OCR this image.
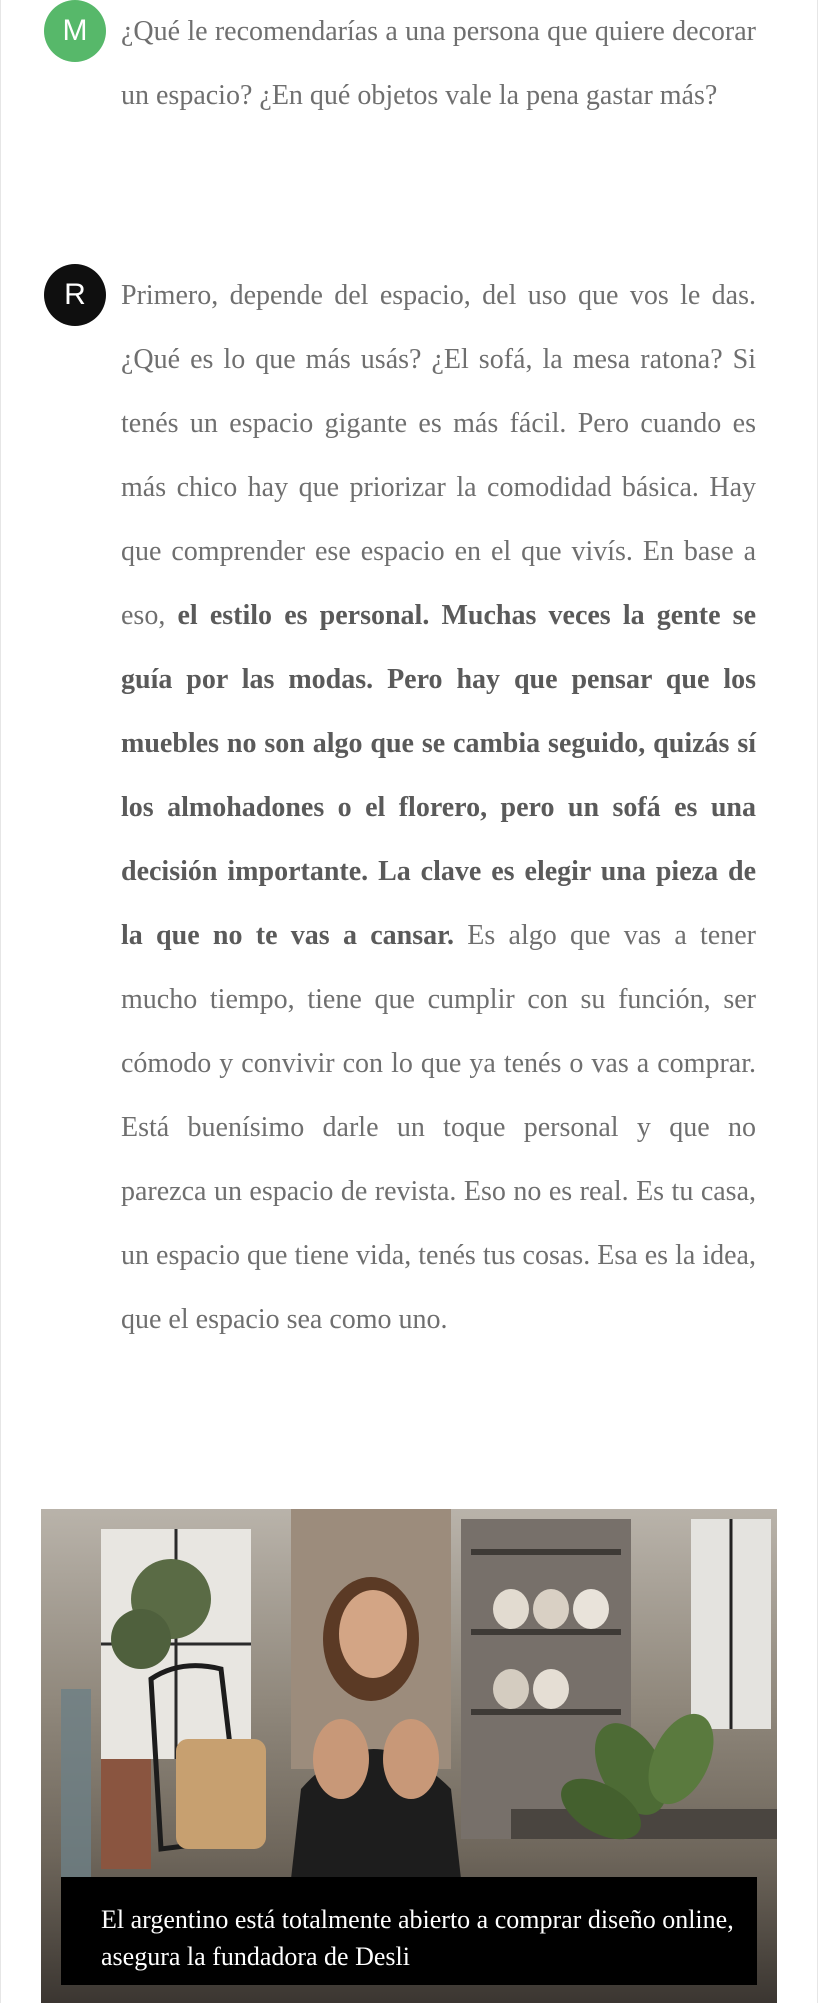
M ¿Qué le recomendarías a una persona que quiere decorar un espacio? ¿En qué objetos vale la pena gastar más?
R Primero, depende del espacio, del uso que vos le das. ¿Qué es lo que más usás? ¿El sofá, la mesa ratona? Si tenés un espacio gigante es más fácil. Pero cuando es más chico hay que priorizar la comodidad básica. Hay que comprender ese espacio en el que vivís. En base a eso, el estilo es personal. Muchas veces la gente se guía por las modas. Pero hay que pensar que los muebles no son algo que se cambia seguido, quizás sí los almohadones o el florero, pero un sofá es una decisión importante. La clave es elegir una pieza de la que no te vas a cansar. Es algo que vas a tener mucho tiempo, tiene que cumplir con su función, ser cómodo y convivir con lo que ya tenés o vas a comprar. Está buenísimo darle un toque personal y que no parezca un espacio de revista. Eso no es real. Es tu casa, un espacio que tiene vida, tenés tus cosas. Esa es la idea, que el espacio sea como uno.
El argentino está totalmente abierto a comprar diseño online, asegura la fundadora de Desli
